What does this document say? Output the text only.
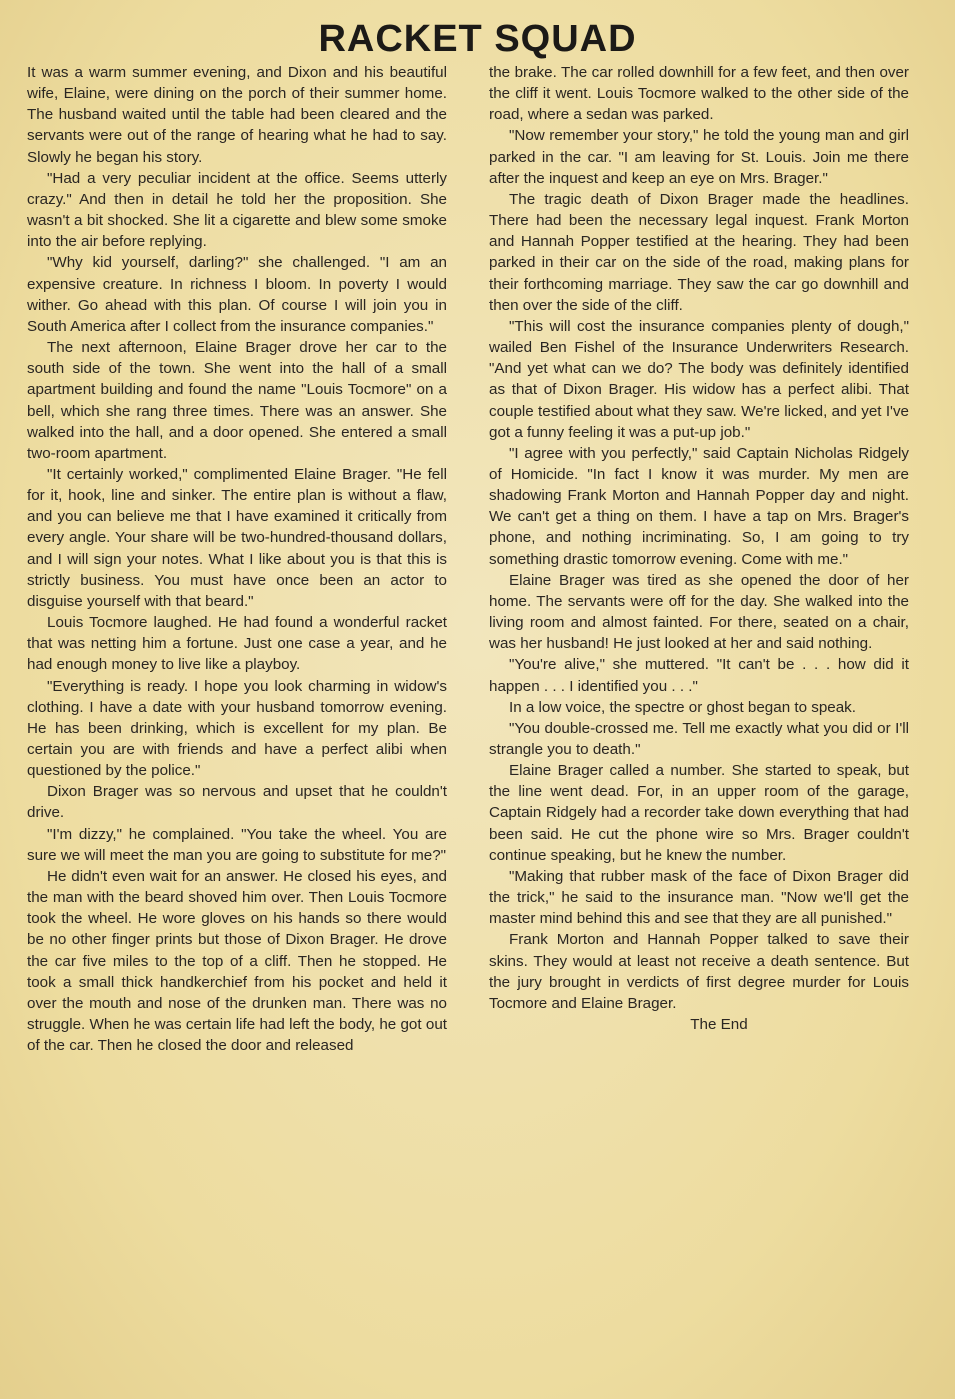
RACKET SQUAD

It was a warm summer evening, and Dixon and his beautiful wife, Elaine, were dining on the porch of their summer home. The husband waited until the table had been cleared and the servants were out of the range of hearing what he had to say. Slowly he began his story.

"Had a very peculiar incident at the office. Seems utterly crazy." And then in detail he told her the proposition. She wasn't a bit shocked. She lit a cigarette and blew some smoke into the air before replying.

"Why kid yourself, darling?" she challenged. "I am an expensive creature. In richness I bloom. In poverty I would wither. Go ahead with this plan. Of course I will join you in South America after I collect from the insurance companies."

The next afternoon, Elaine Brager drove her car to the south side of the town. She went into the hall of a small apartment building and found the name "Louis Tocmore" on a bell, which she rang three times. There was an answer. She walked into the hall, and a door opened. She entered a small two-room apartment.

"It certainly worked," complimented Elaine Brager. "He fell for it, hook, line and sinker. The entire plan is without a flaw, and you can believe me that I have examined it critically from every angle. Your share will be two-hundred-thousand dollars, and I will sign your notes. What I like about you is that this is strictly business. You must have once been an actor to disguise yourself with that beard."

Louis Tocmore laughed. He had found a wonderful racket that was netting him a fortune. Just one case a year, and he had enough money to live like a playboy.

"Everything is ready. I hope you look charming in widow's clothing. I have a date with your husband tomorrow evening. He has been drinking, which is excellent for my plan. Be certain you are with friends and have a perfect alibi when questioned by the police."

Dixon Brager was so nervous and upset that he couldn't drive.

"I'm dizzy," he complained. "You take the wheel. You are sure we will meet the man you are going to substitute for me?"

He didn't even wait for an answer. He closed his eyes, and the man with the beard shoved him over. Then Louis Tocmore took the wheel. He wore gloves on his hands so there would be no other finger prints but those of Dixon Brager. He drove the car five miles to the top of a cliff. Then he stopped. He took a small thick handkerchief from his pocket and held it over the mouth and nose of the drunken man. There was no struggle. When he was certain life had left the body, he got out of the car. Then he closed the door and released

the brake. The car rolled downhill for a few feet, and then over the cliff it went. Louis Tocmore walked to the other side of the road, where a sedan was parked.

"Now remember your story," he told the young man and girl parked in the car. "I am leaving for St. Louis. Join me there after the inquest and keep an eye on Mrs. Brager."

The tragic death of Dixon Brager made the headlines. There had been the necessary legal inquest. Frank Morton and Hannah Popper testified at the hearing. They had been parked in their car on the side of the road, making plans for their forthcoming marriage. They saw the car go downhill and then over the side of the cliff.

"This will cost the insurance companies plenty of dough," wailed Ben Fishel of the Insurance Underwriters Research. "And yet what can we do? The body was definitely identified as that of Dixon Brager. His widow has a perfect alibi. That couple testified about what they saw. We're licked, and yet I've got a funny feeling it was a put-up job."

"I agree with you perfectly," said Captain Nicholas Ridgely of Homicide. "In fact I know it was murder. My men are shadowing Frank Morton and Hannah Popper day and night. We can't get a thing on them. I have a tap on Mrs. Brager's phone, and nothing incriminating. So, I am going to try something drastic tomorrow evening. Come with me."

Elaine Brager was tired as she opened the door of her home. The servants were off for the day. She walked into the living room and almost fainted. For there, seated on a chair, was her husband! He just looked at her and said nothing.

"You're alive," she muttered. "It can't be . . . how did it happen . . . I identified you . . ."

In a low voice, the spectre or ghost began to speak.

"You double-crossed me. Tell me exactly what you did or I'll strangle you to death."

Elaine Brager called a number. She started to speak, but the line went dead. For, in an upper room of the garage, Captain Ridgely had a recorder take down everything that had been said. He cut the phone wire so Mrs. Brager couldn't continue speaking, but he knew the number.

"Making that rubber mask of the face of Dixon Brager did the trick," he said to the insurance man. "Now we'll get the master mind behind this and see that they are all punished."

Frank Morton and Hannah Popper talked to save their skins. They would at least not receive a death sentence. But the jury brought in verdicts of first degree murder for Louis Tocmore and Elaine Brager.

The End
